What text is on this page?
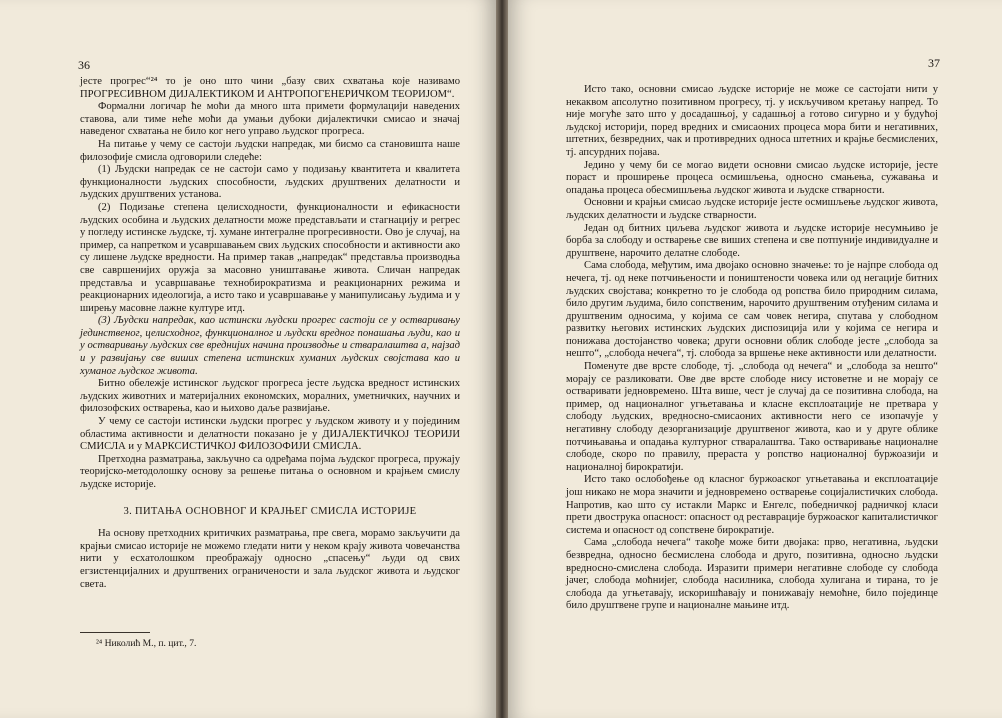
36

јесте прогрес“²⁴ то је оно што чини „базу свих схватања које називамо ПРОГРЕСИВНОМ ДИЈАЛЕКТИКОМ И АНТРОПОГЕНЕРИЧКОМ ТЕОРИЈОМ“.

Формални логичар ће моћи да много шта примети формулацији наведених ставова, али тиме неће моћи да умањи дубоки дијалектички смисао и значај наведеног схватања не било ког него управо људског прогреса.

На питање у чему се састоји људски напредак, ми бисмо са становишта наше филозофије смисла одговорили следеће:

(1) Људски напредак се не састоји само у подизању квантитета и квалитета функционалности људских способности, људских друштвених делатности и људских друштвених установа.

(2) Подизање степена целисходности, функционалности и ефикасности људских особина и људских делатности може представљати и стагнацију и регрес у погледу истинске људске, тј. хумане интегралне прогресивности. Ово је случај, на пример, са напретком и усавршавањем свих људских способности и активности ако су лишене људске вредности. На пример такав „напредак“ представља производња све савршенијих оружја за масовно уништавање живота. Сличан напредак представља и усавршавање технобирократизма и реакционарних режима и реакционарних идеологија, а исто тако и усавршавање у манипулисању људима и у ширењу масовне лажне културе итд.

(3) Људски напредак, као истински људски прогрес састоји се у остваривању јединственог, целисходног, функционалног и људски вредног понашања људи, као и у остваривању људских све вреднијих начина производње и стваралаштва а, најзад и у развијању све виших степена истинских хуманих људских својстава као и хуманог људског живота.

Битно обележје истинског људског прогреса јесте људска вредност истинских људских животних и материјалних економских, моралних, уметничких, научних и филозофских остварења, као и њихово даље развијање.

У чему се састоји истински људски прогрес у људском животу и у појединим областима активности и делатности показано је у ДИЈАЛЕКТИЧКОЈ ТЕОРИЈИ СМИСЛА и у МАРКСИСТИЧКОЈ ФИЛОЗОФИЈИ СМИСЛА.

Претходна разматрања, закључно са одређама појма људског прогреса, пружају теоријско-методолошку основу за решење питања о основном и крајњем смислу људске историје.

3. ПИТАЊА ОСНОВНОГ И КРАЈЊЕГ СМИСЛА ИСТОРИЈЕ

На основу претходних критичких разматрања, пре свега, морамо закључити да крајњи смисао историје не можемо гледати нити у неком крају живота човечанства нити у есхатолошком преображају односно „спасењу“ људи од свих егзистенцијалних и друштвених ограничености и зала људског живота и људског света.

²⁴ Николић М., п. цит., 7.
37

Исто тако, основни смисао људске историје не може се састојати нити у некаквом апсолутно позитивном прогресу, тј. у искључивом кретању напред. То није могуће зато што у досадашњој, у садашњој а готово сигурно и у будућој људској историји, поред вредних и смисаоних процеса мора бити и негативних, штетних, безвредних, чак и противредних односа штетних и крајње бесмислених, тј. апсурдних појава.

Једино у чему би се могао видети основни смисао људске историје, јесте пораст и проширење процеса осмишљења, односно смањења, сужавања и опадања процеса обесмишљења људског живота и људске стварности.

Основни и крајњи смисао људске историје јесте осмишљење људског живота, људских делатности и људске стварности.

Један од битних циљева људског живота и људске историје несумњиво је борба за слободу и остварење све виших степена и све потпуније индивидуалне и друштвене, нарочито делатне слободе.

Сама слобода, међутим, има двојако основно значење: то је најпре слобода од нечега, тј. од неке потчињености и поништености човека или од негације битних људских својстава; конкретно то је слобода од ропства било природним силама, било другим људима, било сопственим, нарочито друштвеним отуђеним силама и друштвеним односима, у којима се сам човек негира, спутава у слободном развитку његових истинских људских диспозиција или у којима се негира и понижава достојанство човека; други основни облик слободе јесте „слобода за нешто“, „слобода нечега“, тј. слобода за вршење неке активности или делатности.

Поменуте две врсте слободе, тј. „слобода од нечега“ и „слобода за нешто“ морају се разликовати. Ове две врсте слободе нису истоветне и не морају се остваривати једновремено. Шта више, чест је случај да се позитивна слобода, на пример, од националног угњетавања и класне експлоатације не претвара у слободу људских, вредносно-смисаоних активности него се изопачује у негативну слободу дезорганизације друштвеног живота, као и у друге облике потчињавања и опадања културног стваралаштва. Тако остваривање националне слободе, скоро по правилу, прераста у ропство националној буржоазији и националној бирократији.

Исто тако ослобођење од класног буржоаског угњетавања и експлоатације још никако не мора значити и једновремено остварење социјалистичких слобода. Напротив, као што су истакли Маркс и Енгелс, победничкој радничкој класи прети двострука опасност: опасност од реставрације буржоаског капиталистичког система и опасност од сопствене бирократије.

Сама „слобода нечега“ такође може бити двојака: прво, негативна, људски безвредна, односно бесмислена слобода и друго, позитивна, односно људски вредносно-смислена слобода. Изразити примери негативне слободе су слобода јачег, слобода моћнијег, слобода насилника, слобода хулигана и тирана, то је слобода да угњетавају, искоришћавају и понижавају немоћне, било појединце било друштвене групе и националне мањине итд.
